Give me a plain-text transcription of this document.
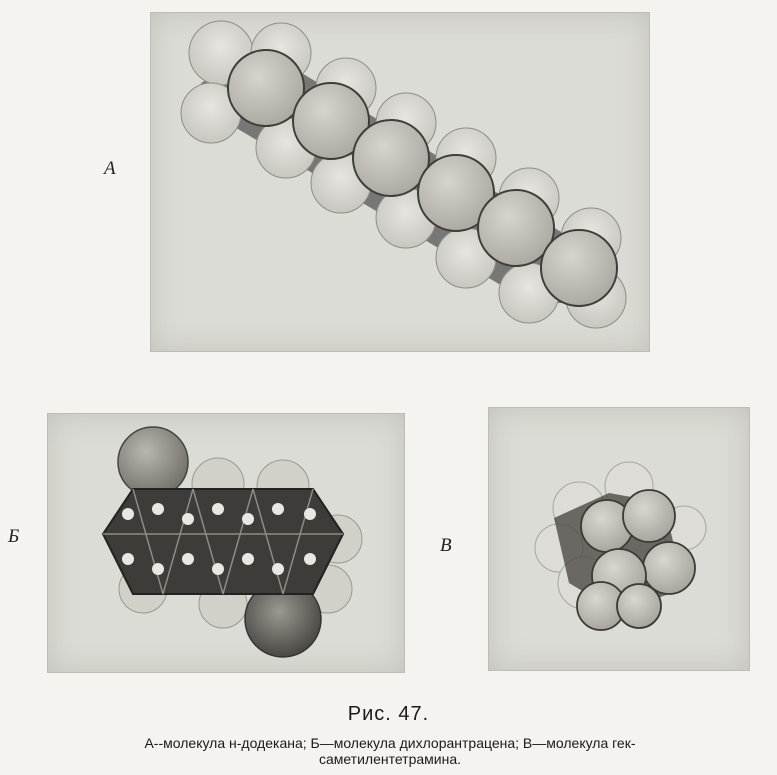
A
Б	В
Рис. 47.
А--молекула н-додекана; Б—молекула дихлорантрацена; В—молекула гек-
саметилентетрамина.
